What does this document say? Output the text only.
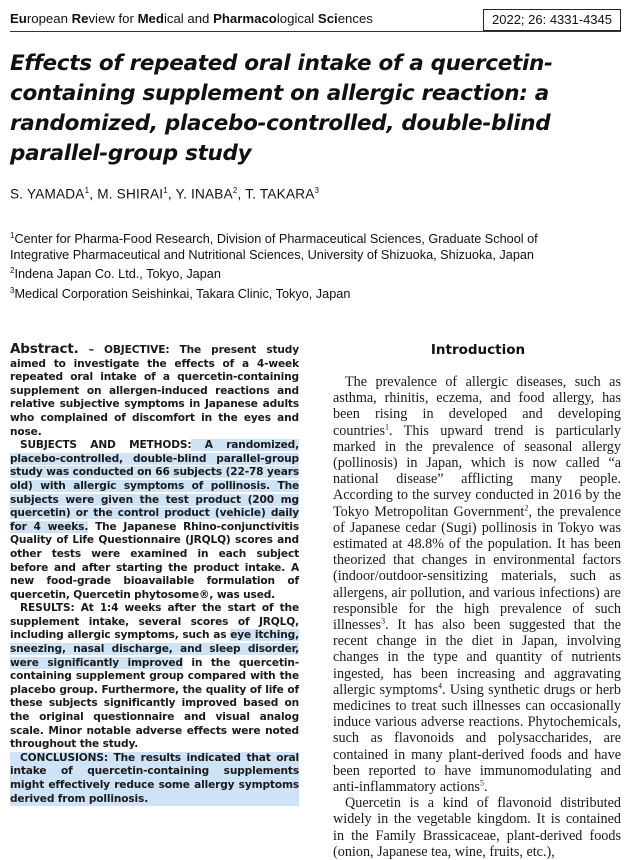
European Review for Medical and Pharmacological Sciences	2022; 26: 4331-4345
Effects of repeated oral intake of a quercetin-containing supplement on allergic reaction: a randomized, placebo-controlled, double-blind parallel-group study
S. YAMADA$^1$, M. SHIRAI$^1$, Y. INABA$^2$, T. TAKARA$^3$
$^1$Center for Pharma-Food Research, Division of Pharmaceutical Sciences, Graduate School of
Integrative Pharmaceutical and Nutritional Sciences, University of Shizuoka, Shizuoka, Japan
$^2$Indena Japan Co. Ltd., Tokyo, Japan
$^3$Medical Corporation Seishinkai, Takara Clinic, Tokyo, Japan

Abstract. – OBJECTIVE: The present study aimed to investigate the effects of a 4-week repeated oral intake of a quercetin-containing supplement on allergen-induced reactions and relative subjective symptoms in Japanese adults who complained of discomfort in the eyes and nose.

SUBJECTS AND METHODS: A randomized, placebo-controlled, double-blind parallel-group study was conducted on 66 subjects (22-78 years old) with allergic symptoms of pollinosis. The subjects were given the test product (200 mg quercetin) or the control product (vehicle) daily for 4 weeks. The Japanese Rhino-conjunctivitis Quality of Life Questionnaire (JRQLQ) scores and other tests were examined in each subject before and after starting the product intake. A new food-grade bioavailable formulation of quercetin, Quercetin phytosome®, was used.

RESULTS: At 1:4 weeks after the start of the supplement intake, several scores of JRQLQ, including allergic symptoms, such as eye itching, sneezing, nasal discharge, and sleep disorder, were significantly improved in the quercetin-containing supplement group compared with the placebo group. Furthermore, the quality of life of these subjects significantly improved based on the original questionnaire and visual analog scale. Minor notable adverse effects were noted throughout the study.

CONCLUSIONS: The results indicated that oral intake of quercetin-containing supplements might effectively reduce some allergy symptoms derived from pollinosis.

Introduction

The prevalence of allergic diseases, such as asthma, rhinitis, eczema, and food allergy, has been rising in developed and developing countries$^1$. This upward trend is particularly marked in the prevalence of seasonal allergy (pollinosis) in Japan, which is now called “a national disease” afflicting many people. According to the survey conducted in 2016 by the Tokyo Metropolitan Government$^2$, the prevalence of Japanese cedar (Sugi) pollinosis in Tokyo was estimated at 48.8% of the population. It has been theorized that changes in environmental factors (indoor/outdoor-sensitizing materials, such as allergens, air pollution, and various infections) are responsible for the high prevalence of such illnesses$^3$. It has also been suggested that the recent change in the diet in Japan, involving changes in the type and quantity of nutrients ingested, has been increasing and aggravating allergic symptoms$^4$. Using synthetic drugs or herb medicines to treat such illnesses can occasionally induce various adverse reactions. Phytochemicals, such as flavonoids and polysaccharides, are contained in many plant-derived foods and have been reported to have immunomodulating and anti-inflammatory actions$^5$.

Quercetin is a kind of flavonoid distributed widely in the vegetable kingdom. It is contained in the Family Brassicaceae, plant-derived foods (onion, Japanese tea, wine, fruits, etc.),
